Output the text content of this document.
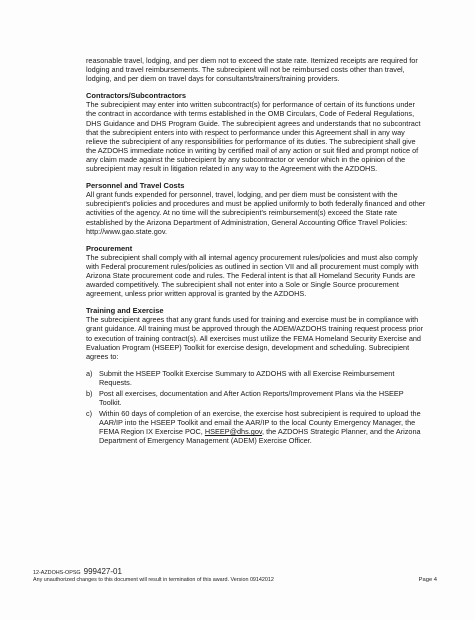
reasonable travel, lodging, and per diem not to exceed the state rate. Itemized receipts are required for lodging and travel reimbursements. The subrecipient will not be reimbursed costs other than travel, lodging, and per diem on travel days for consultants/trainers/training providers.

Contractors/Subcontractors

The subrecipient may enter into written subcontract(s) for performance of certain of its functions under the contract in accordance with terms established in the OMB Circulars, Code of Federal Regulations, DHS Guidance and DHS Program Guide. The subrecipient agrees and understands that no subcontract that the subrecipient enters into with respect to performance under this Agreement shall in any way relieve the subrecipient of any responsibilities for performance of its duties. The subrecipient shall give the AZDOHS immediate notice in writing by certified mail of any action or suit filed and prompt notice of any claim made against the subrecipient by any subcontractor or vendor which in the opinion of the subrecipient may result in litigation related in any way to the Agreement with the AZDOHS.

Personnel and Travel Costs

All grant funds expended for personnel, travel, lodging, and per diem must be consistent with the subrecipient's policies and procedures and must be applied uniformly to both federally financed and other activities of the agency. At no time will the subrecipient's reimbursement(s) exceed the State rate established by the Arizona Department of Administration, General Accounting Office Travel Policies: http://www.gao.state.gov.

Procurement

The subrecipient shall comply with all internal agency procurement rules/policies and must also comply with Federal procurement rules/policies as outlined in section VII and all procurement must comply with Arizona State procurement code and rules. The Federal intent is that all Homeland Security Funds are awarded competitively. The subrecipient shall not enter into a Sole or Single Source procurement agreement, unless prior written approval is granted by the AZDOHS.

Training and Exercise

The subrecipient agrees that any grant funds used for training and exercise must be in compliance with grant guidance. All training must be approved through the ADEM/AZDOHS training request process prior to execution of training contract(s). All exercises must utilize the FEMA Homeland Security Exercise and Evaluation Program (HSEEP) Toolkit for exercise design, development and scheduling. Subrecipient agrees to:

a) Submit the HSEEP Toolkit Exercise Summary to AZDOHS with all Exercise Reimbursement Requests.
b) Post all exercises, documentation and After Action Reports/Improvement Plans via the HSEEP Toolkit.
c) Within 60 days of completion of an exercise, the exercise host subrecipient is required to upload the AAR/IP into the HSEEP Toolkit and email the AAR/IP to the local County Emergency Manager, the FEMA Region IX Exercise POC, HSEEP@dhs.gov, the AZDOHS Strategic Planner, and the Arizona Department of Emergency Management (ADEM) Exercise Officer.
12-AZDOHS-OPSG 999427-01
Any unauthorized changes to this document will result in termination of this award. Version 09142012	Page 4
